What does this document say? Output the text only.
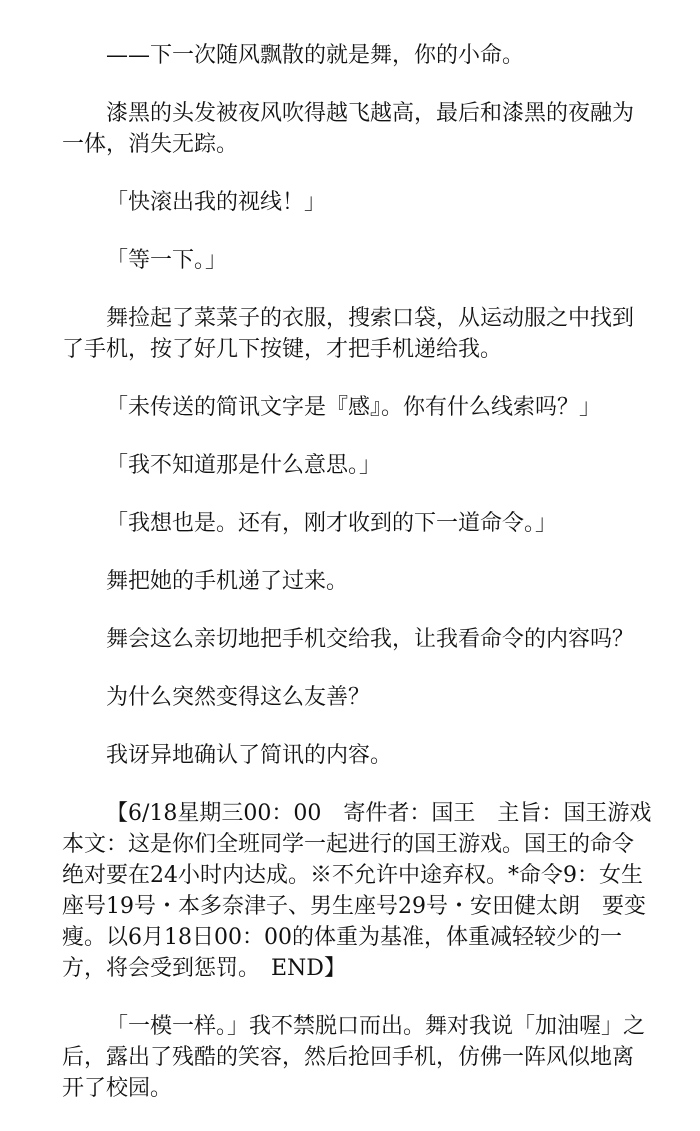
——下一次随风飘散的就是舞，你的小命。

漆黑的头发被夜风吹得越飞越高，最后和漆黑的夜融为一体，消失无踪。

「快滚出我的视线！」

「等一下。」

舞捡起了菜菜子的衣服，搜索口袋，从运动服之中找到了手机，按了好几下按键，才把手机递给我。

「未传送的简讯文字是『感』。你有什么线索吗？」

「我不知道那是什么意思。」

「我想也是。还有，刚才收到的下一道命令。」

舞把她的手机递了过来。

舞会这么亲切地把手机交给我，让我看命令的内容吗？

为什么突然变得这么友善？

我讶异地确认了简讯的内容。

【6/18星期三00：00　寄件者：国王　主旨：国王游戏　本文：这是你们全班同学一起进行的国王游戏。国王的命令绝对要在24小时内达成。※不允许中途弃权。*命令9：女生座号19号・本多奈津子、男生座号29号・安田健太朗　要变瘦。以6月18日00：00的体重为基准，体重减轻较少的一方，将会受到惩罚。　END】

「一模一样。」我不禁脱口而出。舞对我说「加油喔」之后，露出了残酷的笑容，然后抢回手机，仿佛一阵风似地离开了校园。
